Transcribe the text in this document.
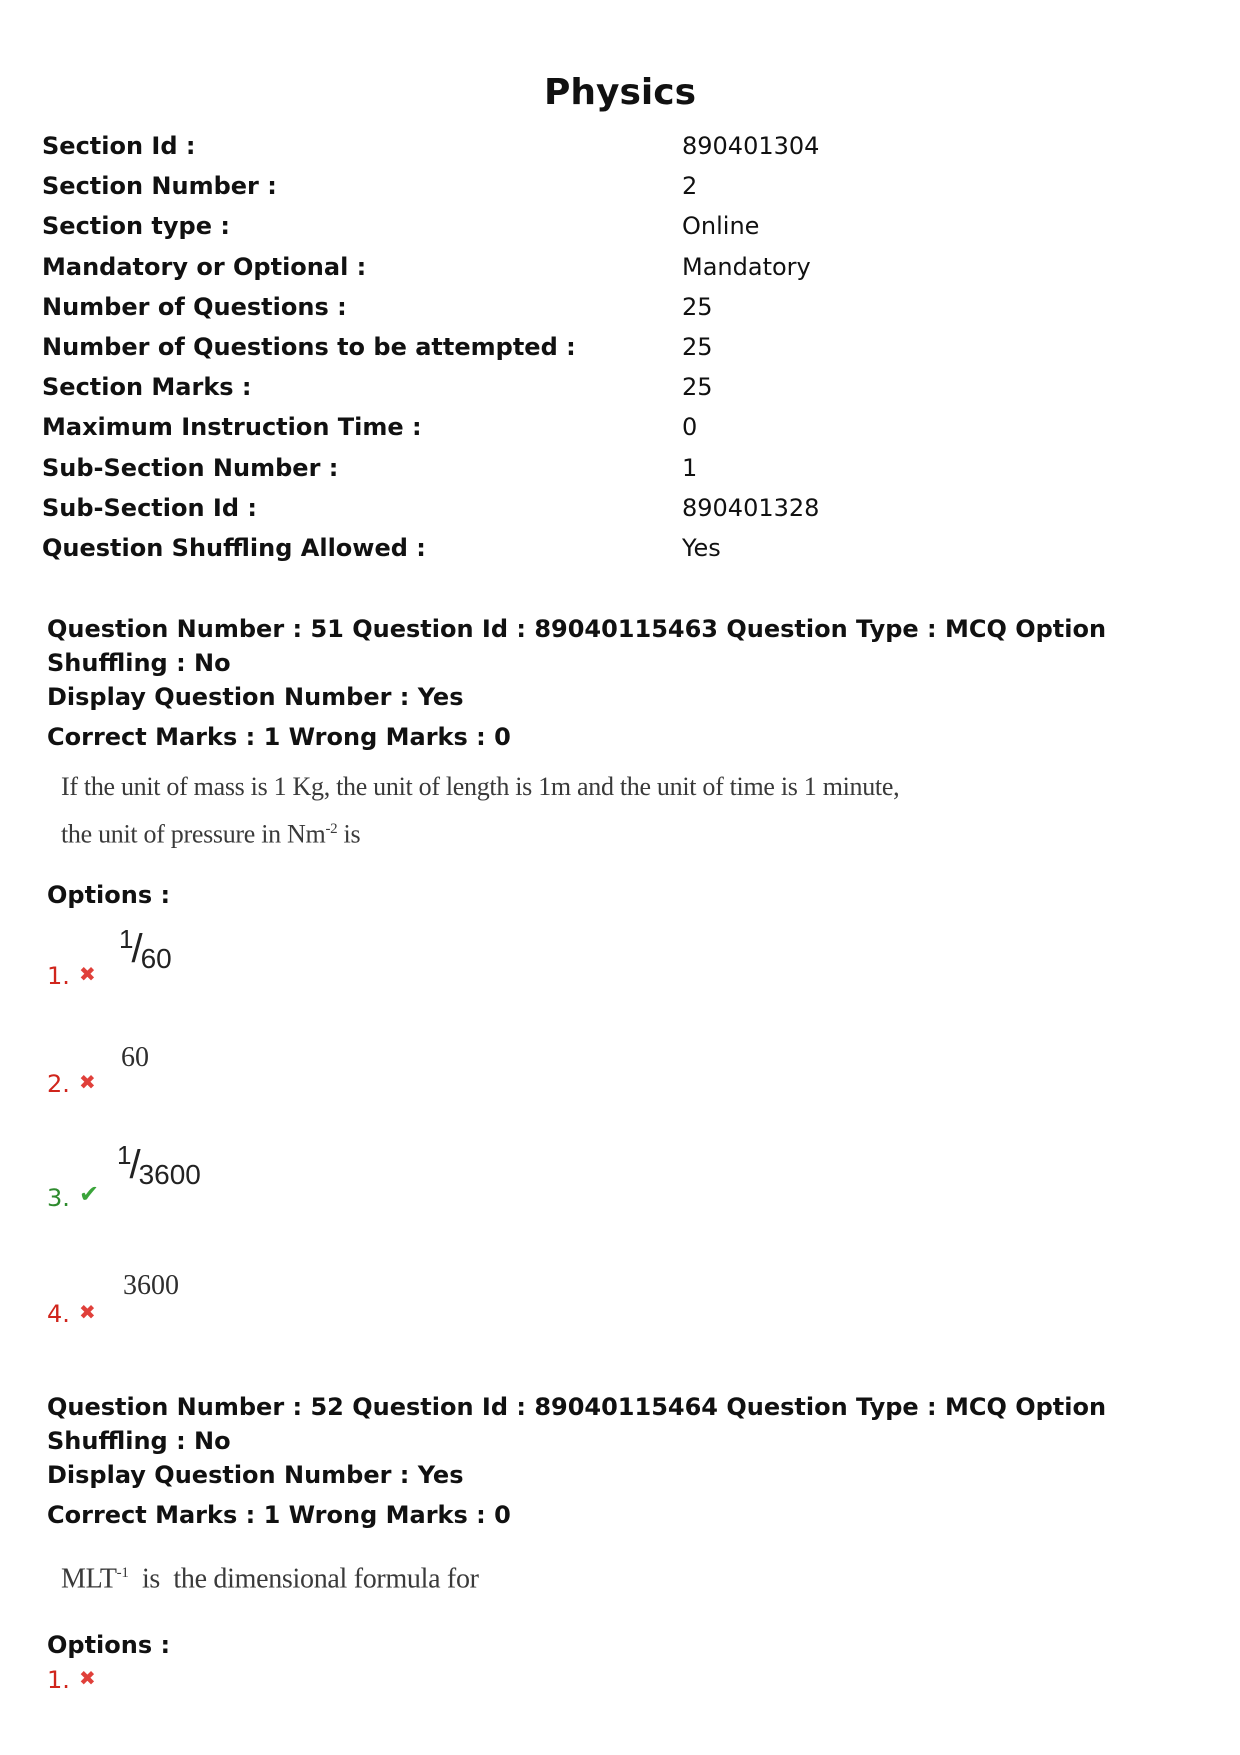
Physics
Section Id :	890401304
Section Number :	2
Section type :	Online
Mandatory or Optional :	Mandatory
Number of Questions :	25
Number of Questions to be attempted :	25
Section Marks :	25
Maximum Instruction Time :	0
Sub-Section Number :	1
Sub-Section Id :	890401328
Question Shuffling Allowed :	Yes
Question Number : 51 Question Id : 89040115463 Question Type : MCQ Option Shuffling : No
Display Question Number : Yes
Correct Marks : 1 Wrong Marks : 0
If the unit of mass is 1 Kg, the unit of length is 1m and the unit of time is 1 minute,
the unit of pressure in $Nm^{-2}$ is
Options :
1. ✖
1/60
2. ✖
60
3. ✔
1/3600
4. ✖
3600
Question Number : 52 Question Id : 89040115464 Question Type : MCQ Option Shuffling : No
Display Question Number : Yes
Correct Marks : 1 Wrong Marks : 0
$MLT^{-1}$  is  the dimensional formula for
Options :
1. ✖
